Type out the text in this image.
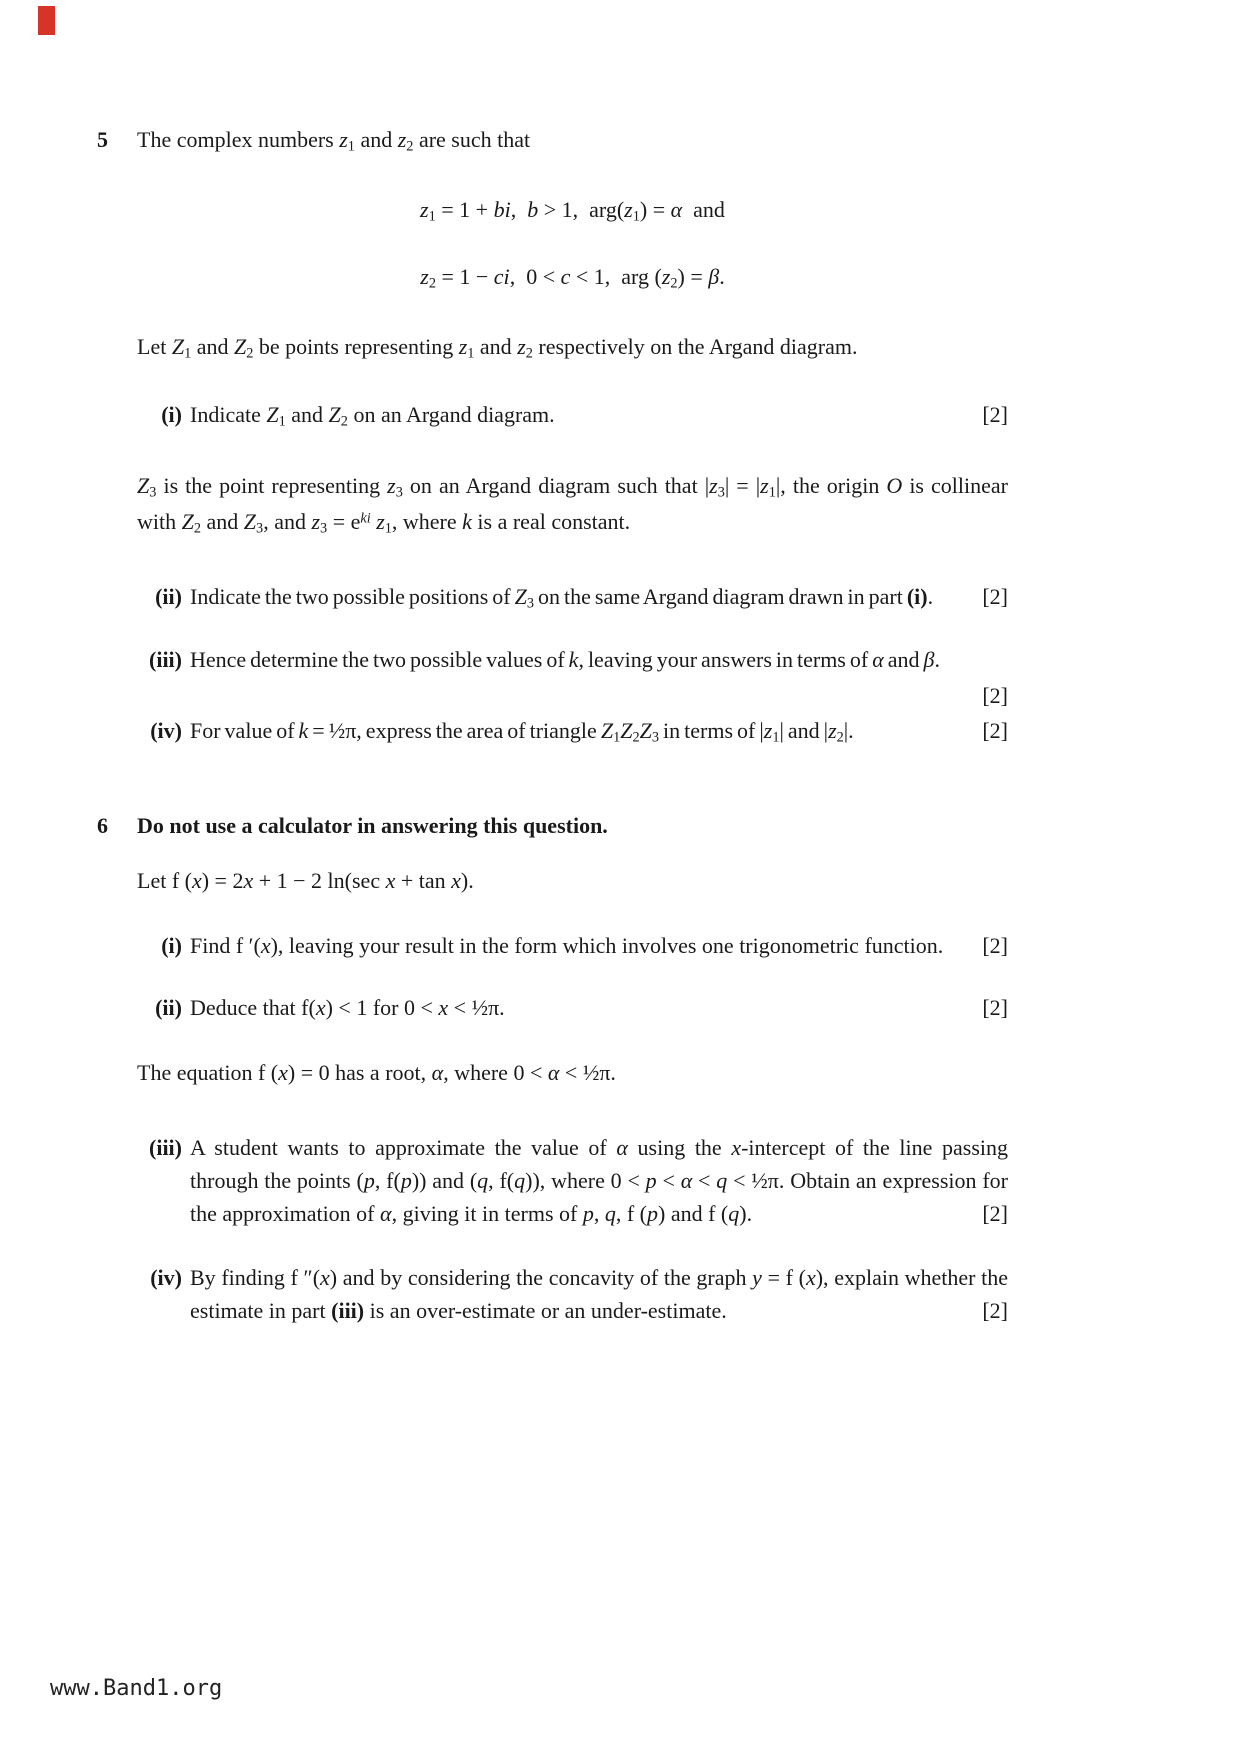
5	The complex numbers $z_1$ and $z_2$ are such that

$z_1 = 1$ + bi,  b > 1,  $arg(z_1) = \alpha$  and

$z_2 = 1$ − ci,  0 < c < 1,  arg $(z_2) = \beta$.

Let $Z_1$ and $Z_2$ be points representing $z_1$ and $z_2$ respectively on the Argand diagram.

(i) Indicate $Z_1$ and $Z_2$ on an Argand diagram.	[2]

$Z_3$ is the point representing $z_3$ on an Argand diagram such that $|z_3| = |z_1|$, the origin O is collinear with $Z_2$ and $Z_3$, and $z_3 = e^{ki}$ $z_1$, where k is a real constant.

(ii) Indicate the two possible positions of $Z_3$ on the same Argand diagram drawn in part (i).	[2]
(iii) Hence determine the two possible values of k, leaving your answers in terms of α and β.
[2]
(iv) For value of k = ½π, express the area of triangle $Z_1Z_2Z_3$ in terms of $|z_1|$ and $|z_2|$.	[2]
6	Do not use a calculator in answering this question.

Let f (x) = 2x + 1 − 2 ln(sec x + tan x).

(i) Find f ′(x), leaving your result in the form which involves one trigonometric function.	[2]
(ii) Deduce that f(x) < 1 for 0 < x < ½π.	[2]

The equation f (x) = 0 has a root, α, where 0 < α < ½π.

(iii) A student wants to approximate the value of α using the x-intercept of the line passing through the points (p, f(p)) and (q, f(q)), where 0 < p < α < q < ½π. Obtain an expression for the approximation of α, giving it in terms of p, q, f (p) and f (q).	[2]
(iv) By finding f ″(x) and by considering the concavity of the graph y = f (x), explain whether the estimate in part (iii) is an over-estimate or an under-estimate.	[2]
www.Band1.org
